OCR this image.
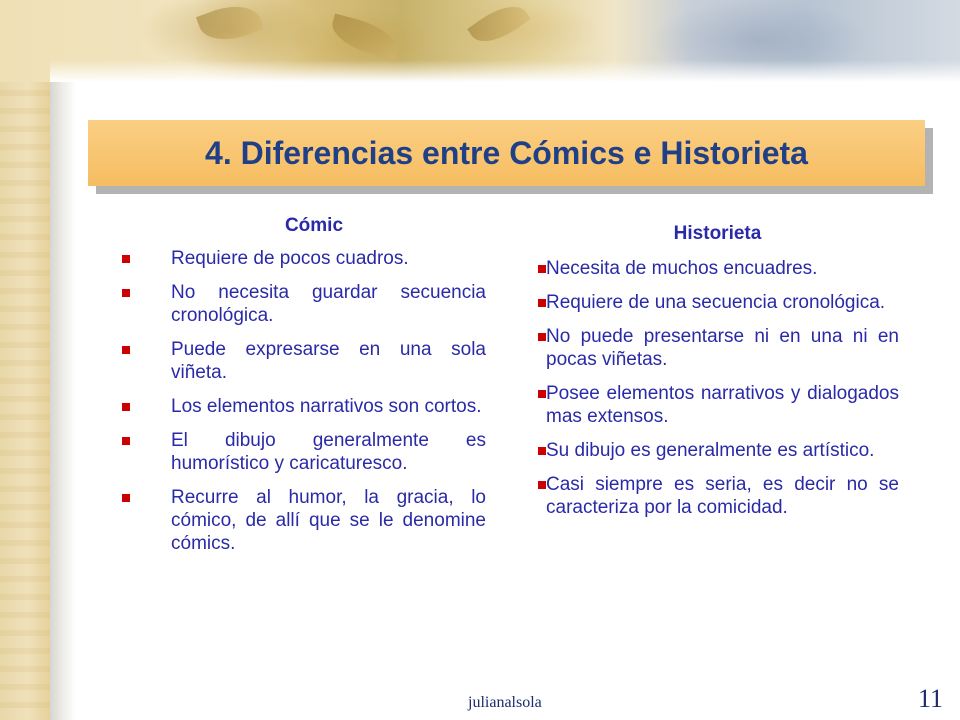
4. Diferencias entre Cómics e Historieta
Cómic
Requiere de pocos cuadros.
No necesita guardar secuencia cronológica.
Puede expresarse en una sola viñeta.
Los elementos narrativos son cortos.
El dibujo generalmente es humorístico y caricaturesco.
Recurre al humor, la gracia, lo cómico, de allí que se le denomine cómics.
Historieta
Necesita de muchos encuadres.
Requiere de una secuencia cronológica.
No puede presentarse ni en una ni en pocas viñetas.
Posee elementos narrativos y dialogados mas extensos.
Su dibujo es generalmente es artístico.
Casi siempre es seria, es decir no se caracteriza por la comicidad.
julianalsola	11
